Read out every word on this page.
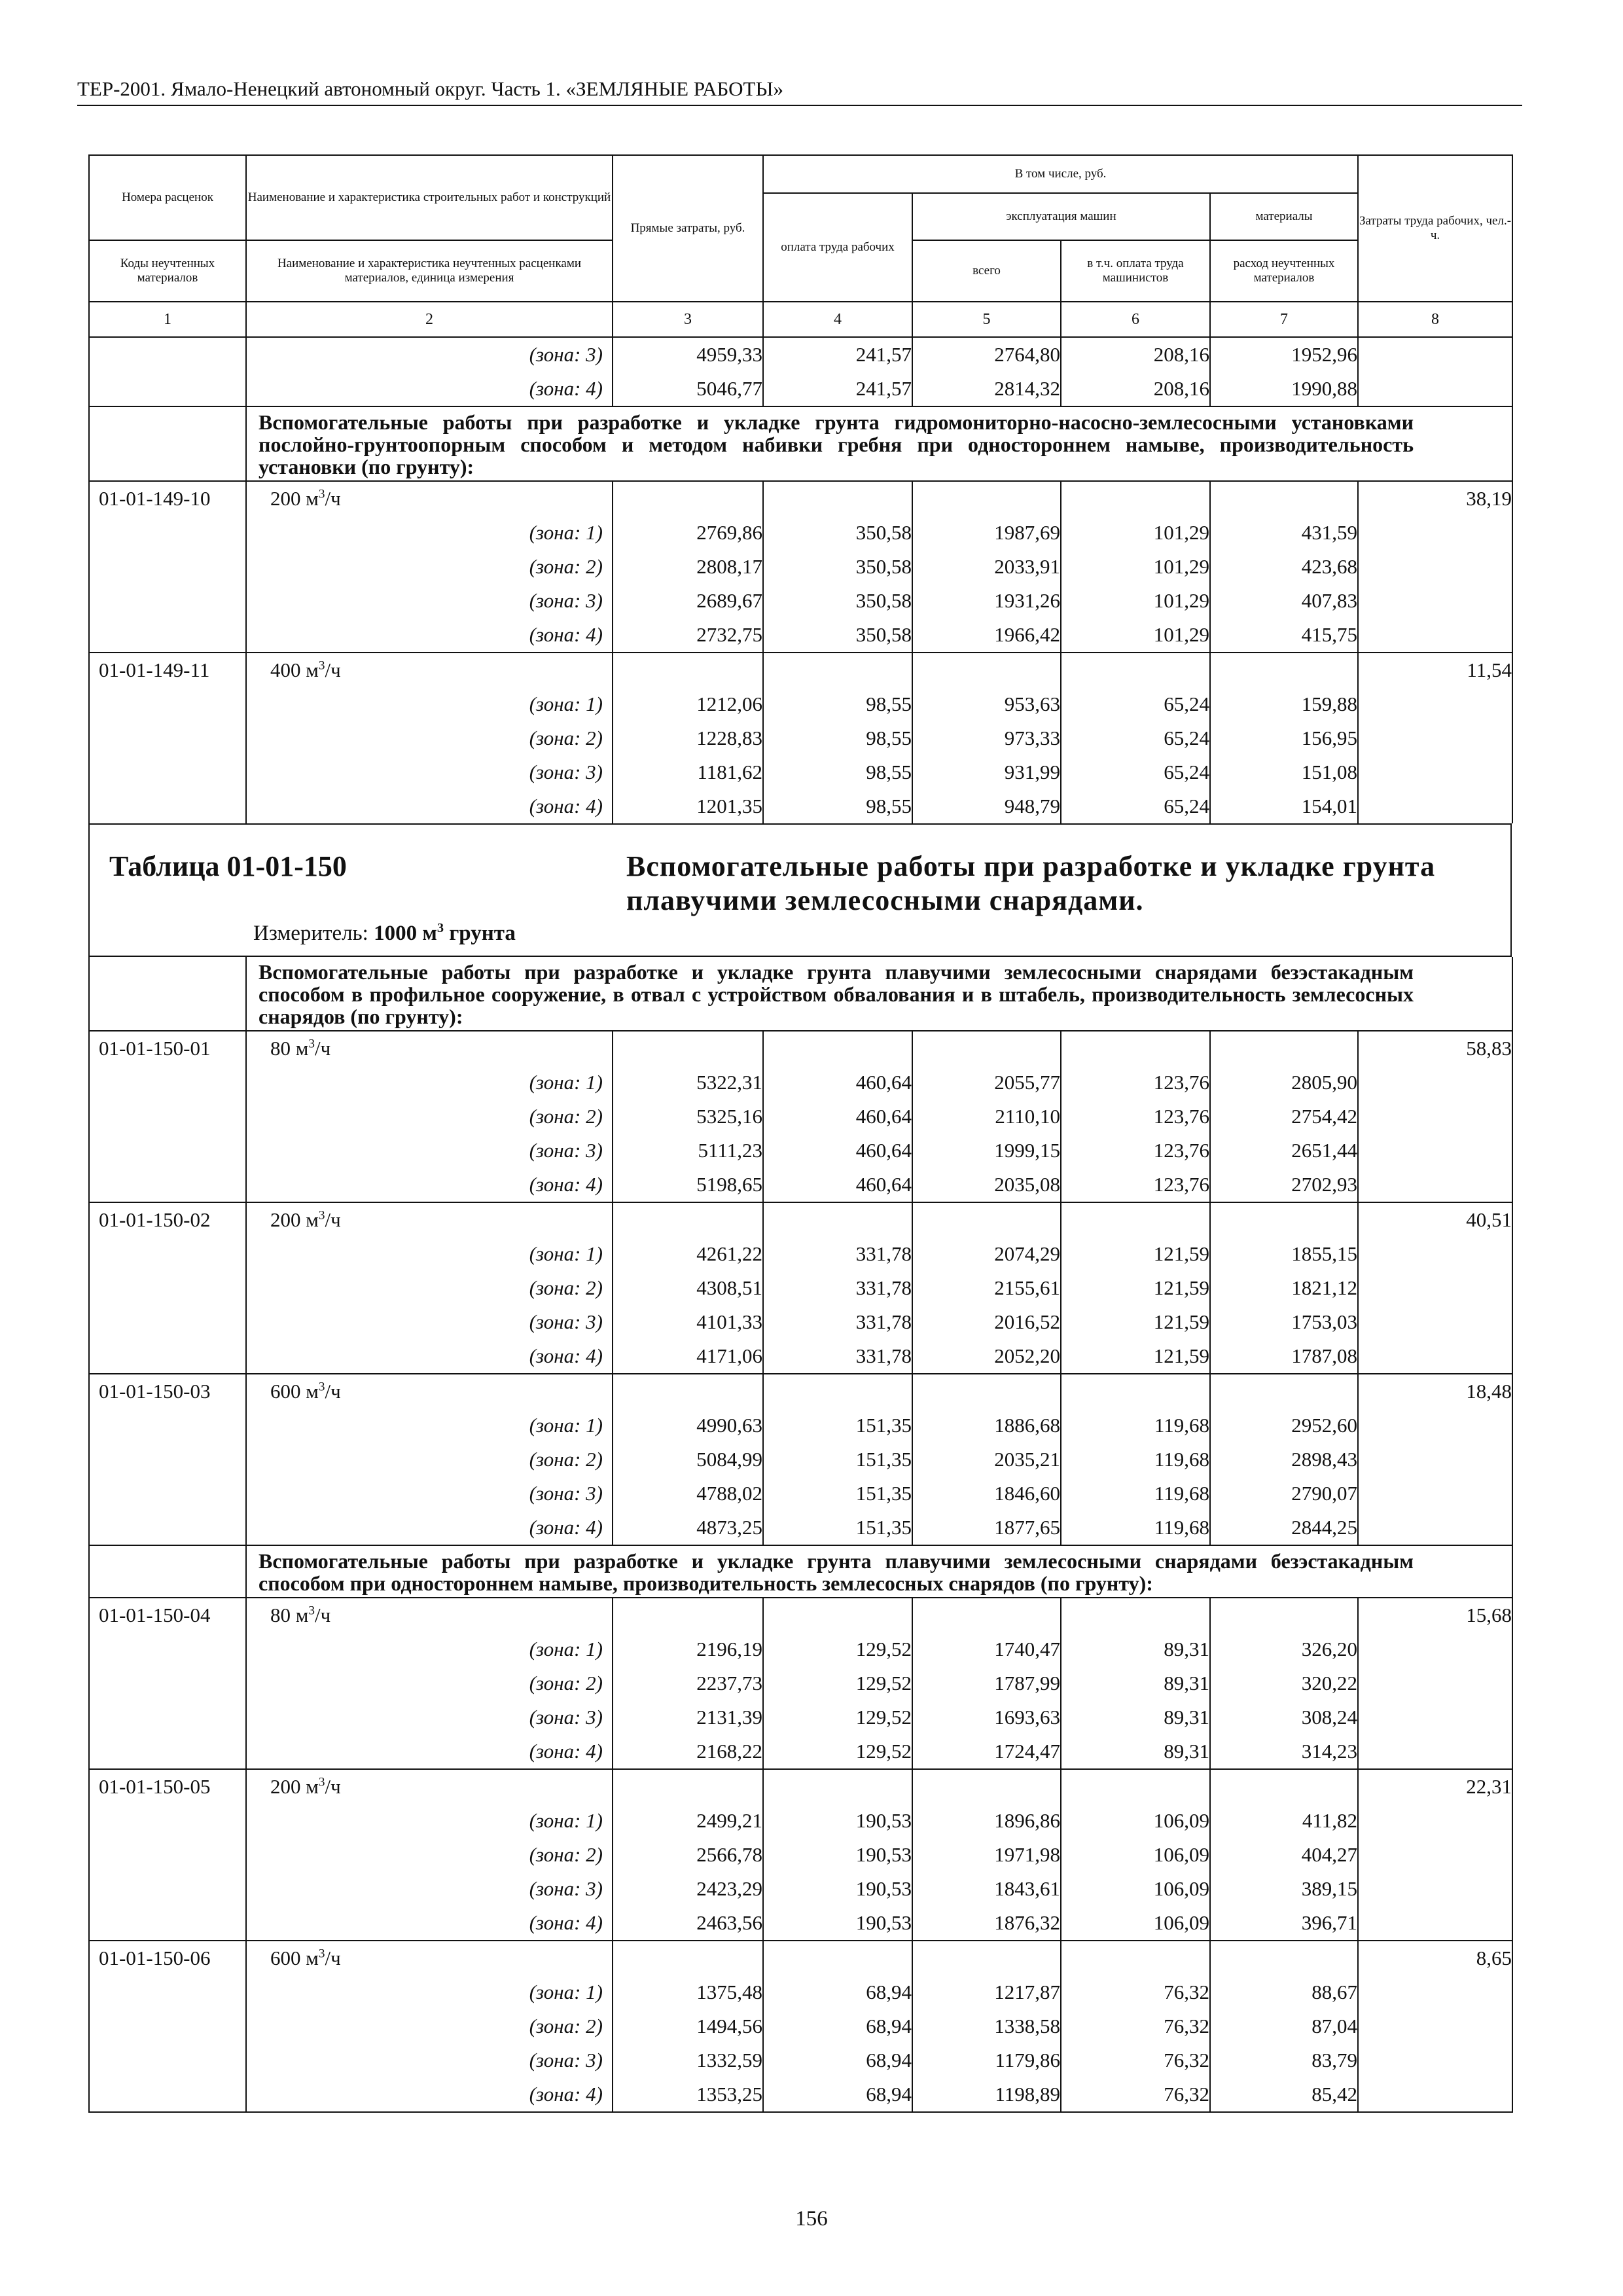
ТЕР-2001. Ямало-Ненецкий автономный округ. Часть 1. «ЗЕМЛЯНЫЕ РАБОТЫ»
Номера расценок	Наименование и характеристика строительных работ и конструкций	Прямые затраты, руб.	В том числе, руб.				Затраты труда рабочих, чел.-ч.
			оплата труда рабочих	эксплуатация машин		материалы	
Коды неучтенных материалов	Наименование и характеристика неучтенных расценками материалов, единица измерения			всего	в т.ч. оплата труда машинистов	расход неучтенных материалов	
1	2	3	4	5	6	7	8
	(зона: 3)	4959,33	241,57	2764,80	208,16	1952,96	
	(зона: 4)	5046,77	241,57	2814,32	208,16	1990,88	
	Вспомогательные работы при разработке и укладке грунта гидромониторно-насосно-землесосными установками послойно-грунтоопорным способом и методом набивки гребня при одностороннем намыве, производительность установки (по грунту):						
01-01-149-10	200 $м^3/ч$						38,19
	(зона: 1)	2769,86	350,58	1987,69	101,29	431,59	
	(зона: 2)	2808,17	350,58	2033,91	101,29	423,68	
	(зона: 3)	2689,67	350,58	1931,26	101,29	407,83	
	(зона: 4)	2732,75	350,58	1966,42	101,29	415,75	
01-01-149-11	400 $м^3/ч$						11,54
	(зона: 1)	1212,06	98,55	953,63	65,24	159,88	
	(зона: 2)	1228,83	98,55	973,33	65,24	156,95	
	(зона: 3)	1181,62	98,55	931,99	65,24	151,08	
	(зона: 4)	1201,35	98,55	948,79	65,24	154,01	
Таблица 01-01-150	Вспомогательные работы при разработке и укладке грунта плавучими землесосными снарядами.
Измеритель: 1000 $м^3$ грунта
	Вспомогательные работы при разработке и укладке грунта плавучими землесосными снарядами безэстакадным способом в профильное сооружение, в отвал с устройством обвалования и в штабель, производительность землесосных снарядов (по грунту):						
01-01-150-01	80 $м^3/ч$						58,83
	(зона: 1)	5322,31	460,64	2055,77	123,76	2805,90	
	(зона: 2)	5325,16	460,64	2110,10	123,76	2754,42	
	(зона: 3)	5111,23	460,64	1999,15	123,76	2651,44	
	(зона: 4)	5198,65	460,64	2035,08	123,76	2702,93	
01-01-150-02	200 $м^3/ч$						40,51
	(зона: 1)	4261,22	331,78	2074,29	121,59	1855,15	
	(зона: 2)	4308,51	331,78	2155,61	121,59	1821,12	
	(зона: 3)	4101,33	331,78	2016,52	121,59	1753,03	
	(зона: 4)	4171,06	331,78	2052,20	121,59	1787,08	
01-01-150-03	600 $м^3/ч$						18,48
	(зона: 1)	4990,63	151,35	1886,68	119,68	2952,60	
	(зона: 2)	5084,99	151,35	2035,21	119,68	2898,43	
	(зона: 3)	4788,02	151,35	1846,60	119,68	2790,07	
	(зона: 4)	4873,25	151,35	1877,65	119,68	2844,25	
	Вспомогательные работы при разработке и укладке грунта плавучими землесосными снарядами безэстакадным способом при одностороннем намыве, производительность землесосных снарядов (по грунту):						
01-01-150-04	80 $м^3/ч$						15,68
	(зона: 1)	2196,19	129,52	1740,47	89,31	326,20	
	(зона: 2)	2237,73	129,52	1787,99	89,31	320,22	
	(зона: 3)	2131,39	129,52	1693,63	89,31	308,24	
	(зона: 4)	2168,22	129,52	1724,47	89,31	314,23	
01-01-150-05	200 $м^3/ч$						22,31
	(зона: 1)	2499,21	190,53	1896,86	106,09	411,82	
	(зона: 2)	2566,78	190,53	1971,98	106,09	404,27	
	(зона: 3)	2423,29	190,53	1843,61	106,09	389,15	
	(зона: 4)	2463,56	190,53	1876,32	106,09	396,71	
01-01-150-06	600 $м^3/ч$						8,65
	(зона: 1)	1375,48	68,94	1217,87	76,32	88,67	
	(зона: 2)	1494,56	68,94	1338,58	76,32	87,04	
	(зона: 3)	1332,59	68,94	1179,86	76,32	83,79	
	(зона: 4)	1353,25	68,94	1198,89	76,32	85,42	
156
